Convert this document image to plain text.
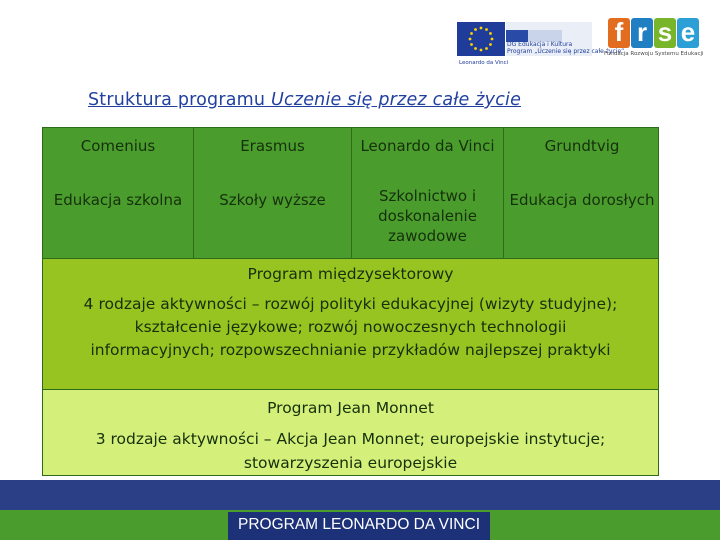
DG Edukacja i Kultura
Program „Uczenie się przez całe życie”
Leonardo da Vinci
f r s e
Fundacja Rozwoju Systemu Edukacji
Struktura programu Uczenie się przez całe życie
Comenius
Edukacja szkolna
Erasmus
Szkoły wyższe
Leonardo da Vinci
Szkolnictwo i doskonalenie zawodowe
Grundtvig
Edukacja dorosłych
Program międzysektorowy
4 rodzaje aktywności – rozwój polityki edukacyjnej (wizyty studyjne); kształcenie językowe; rozwój nowoczesnych technologii informacyjnych; rozpowszechnianie przykładów najlepszej praktyki
Program Jean Monnet
3 rodzaje aktywności – Akcja Jean Monnet; europejskie instytucje; stowarzyszenia europejskie
PROGRAM LEONARDO DA VINCI
